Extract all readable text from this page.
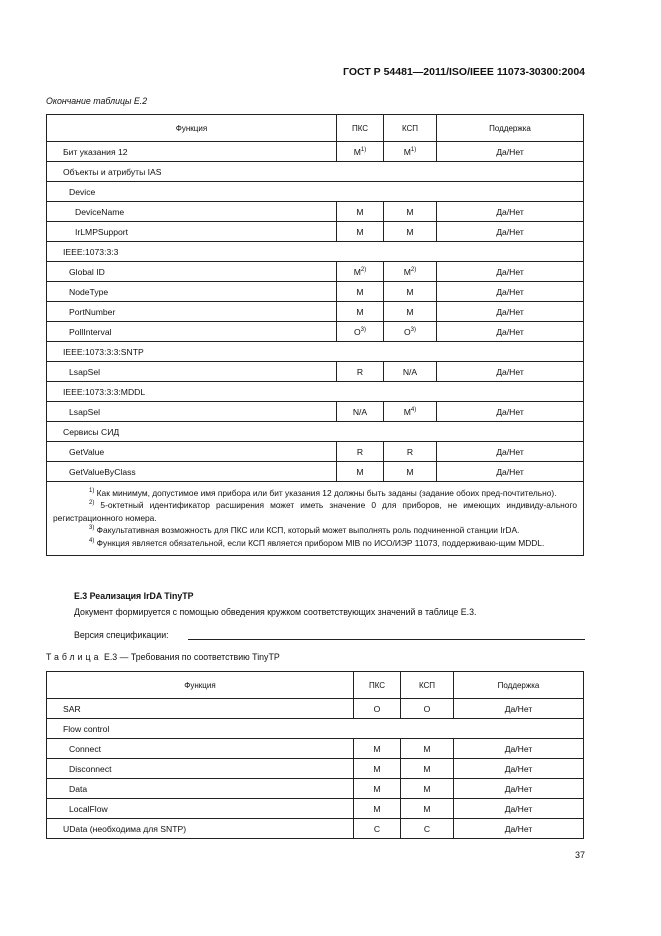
ГОСТ Р 54481—2011/ISO/IEEE 11073-30300:2004
Окончание таблицы Е.2
Функция	ПКС	КСП	Поддержка
Бит указания 12	$M^{1)}$	$M^{1)}$	Да/Нет
Объекты и атрибуты IAS			
Device			
DeviceName	M	M	Да/Нет
IrLMPSupport	M	M	Да/Нет
IEEE:1073:3:3			
Global ID	$M^{2)}$	$M^{2)}$	Да/Нет
NodeType	M	M	Да/Нет
PortNumber	M	M	Да/Нет
PollInterval	$O^{3)}$	$O^{3)}$	Да/Нет
IEEE:1073:3:3:SNTP			
LsapSel	R	N/A	Да/Нет
IEEE:1073:3:3:MDDL			
LsapSel	N/A	$M^{4)}$	Да/Нет
Сервисы СИД			
GetValue	R	R	Да/Нет
GetValueByClass	M	M	Да/Нет

$^{1)}$ Как минимум, допустимое имя прибора или бит указания 12 должны быть заданы (задание обоих пред-почтительно).

$^{2)}$ 5-октетный идентификатор расширения может иметь значение 0 для приборов, не имеющих индивиду-ального регистрационного номера.

$^{3)}$ Факультативная возможность для ПКС или КСП, который может выполнять роль подчиненной станции IrDA.

$^{4)}$ Функция является обязательной, если КСП является прибором MIB по ИСО/ИЭР 11073, поддерживаю-щим MDDL.			

Е.3 Реализация IrDA TinyTP
Документ формируется с помощью обведения кружком соответствующих значений в таблице Е.3.
Версия спецификации:
Таблица Е.3 — Требования по соответствию TinyTP
Функция	ПКС	КСП	Поддержка
SAR	O	O	Да/Нет
Flow control			
Connect	M	M	Да/Нет
Disconnect	M	M	Да/Нет
Data	M	M	Да/Нет
LocalFlow	M	M	Да/Нет
UData (необходима для SNTP)	C	C	Да/Нет
37
